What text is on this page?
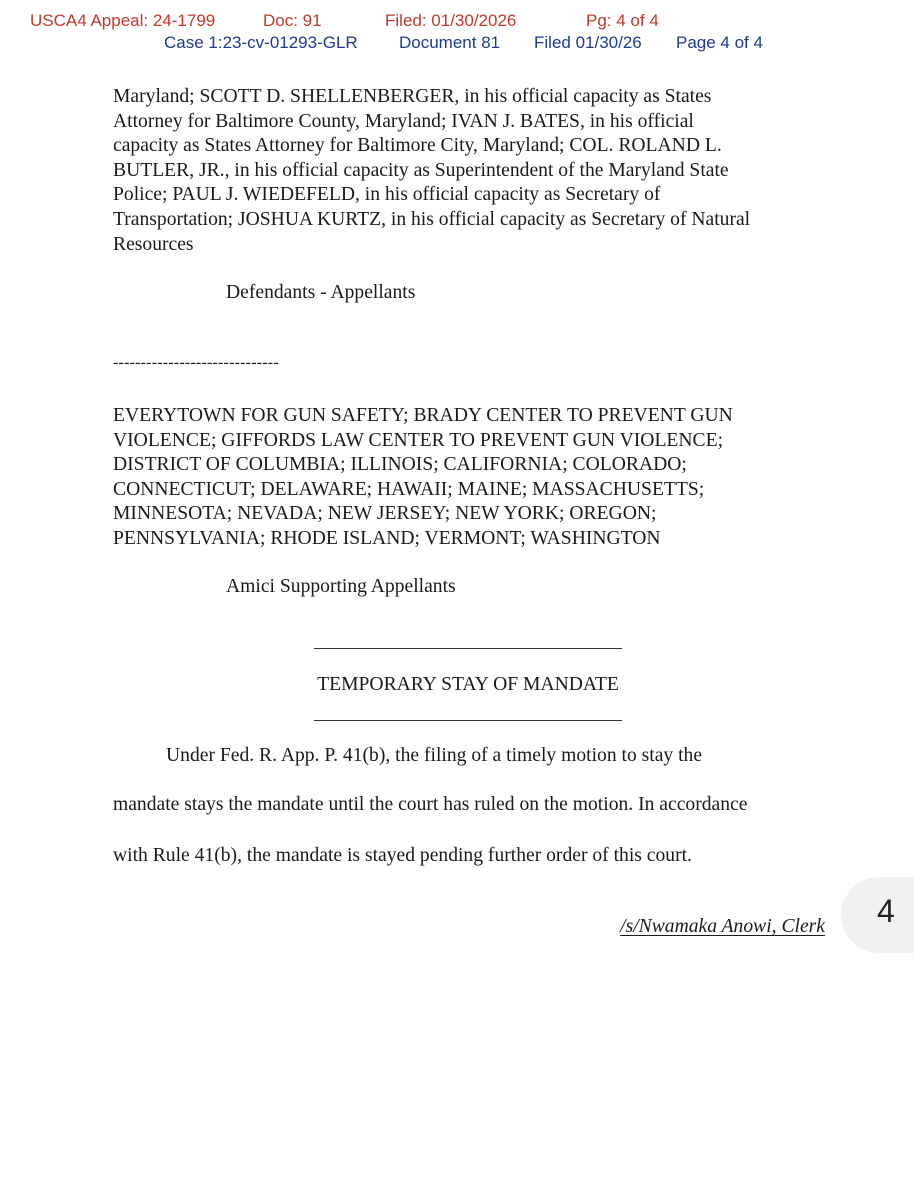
USCA4 Appeal: 24-1799	Doc: 91	Filed: 01/30/2026	Pg: 4 of 4
Case 1:23-cv-01293-GLR Document 81 Filed 01/30/26 Page 4 of 4
Maryland; SCOTT D. SHELLENBERGER, in his official capacity as States
Attorney for Baltimore County, Maryland; IVAN J. BATES, in his official
capacity as States Attorney for Baltimore City, Maryland; COL. ROLAND L.
BUTLER, JR., in his official capacity as Superintendent of the Maryland State
Police; PAUL J. WIEDEFELD, in his official capacity as Secretary of
Transportation; JOSHUA KURTZ, in his official capacity as Secretary of Natural
Resources
Defendants - Appellants
------------------------------
EVERYTOWN FOR GUN SAFETY; BRADY CENTER TO PREVENT GUN
VIOLENCE; GIFFORDS LAW CENTER TO PREVENT GUN VIOLENCE;
DISTRICT OF COLUMBIA; ILLINOIS; CALIFORNIA; COLORADO;
CONNECTICUT; DELAWARE; HAWAII; MAINE; MASSACHUSETTS;
MINNESOTA; NEVADA; NEW JERSEY; NEW YORK; OREGON;
PENNSYLVANIA; RHODE ISLAND; VERMONT; WASHINGTON
Amici Supporting Appellants
TEMPORARY STAY OF MANDATE
Under Fed. R. App. P. 41(b), the filing of a timely motion to stay the
mandate stays the mandate until the court has ruled on the motion. In accordance
with Rule 41(b), the mandate is stayed pending further order of this court.
/s/Nwamaka Anowi, Clerk 4
